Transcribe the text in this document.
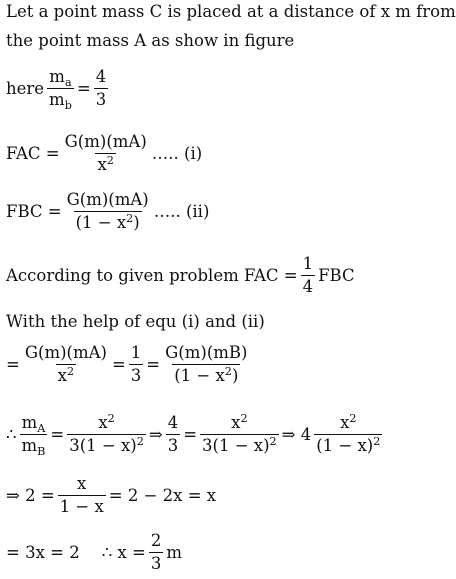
Let a point mass C is placed at a distance of x m from
the point mass A as show in figure
here $\frac{m_a}{m_b} = \frac{4}{3}$
FAC = $\frac{G(m)(mA)}{x^2}$ ….. (i)
FBC = $\frac{G(m)(mA)}{(1 - x^2)}$ ….. (ii)
According to given problem FAC = $\frac{1}{4}$ FBC
With the help of equ (i) and (ii)
= $\frac{G(m)(mA)}{x^2} = \frac{1}{3} = \frac{G(m)(mB)}{(1 - x^2)}$
∴ $\frac{m_A}{m_B} = \frac{x^2}{3(1 - x)^2}$ ⇒ $\frac{4}{3} = \frac{x^2}{3(1 - x)^2}$ ⇒ $4 \frac{x^2}{(1 - x)^2}$
⇒ $2 = \frac{x}{1 - x} = 2 - 2x = x$
= 3x = 2 ∴ $x = \frac{2}{3}$ m
